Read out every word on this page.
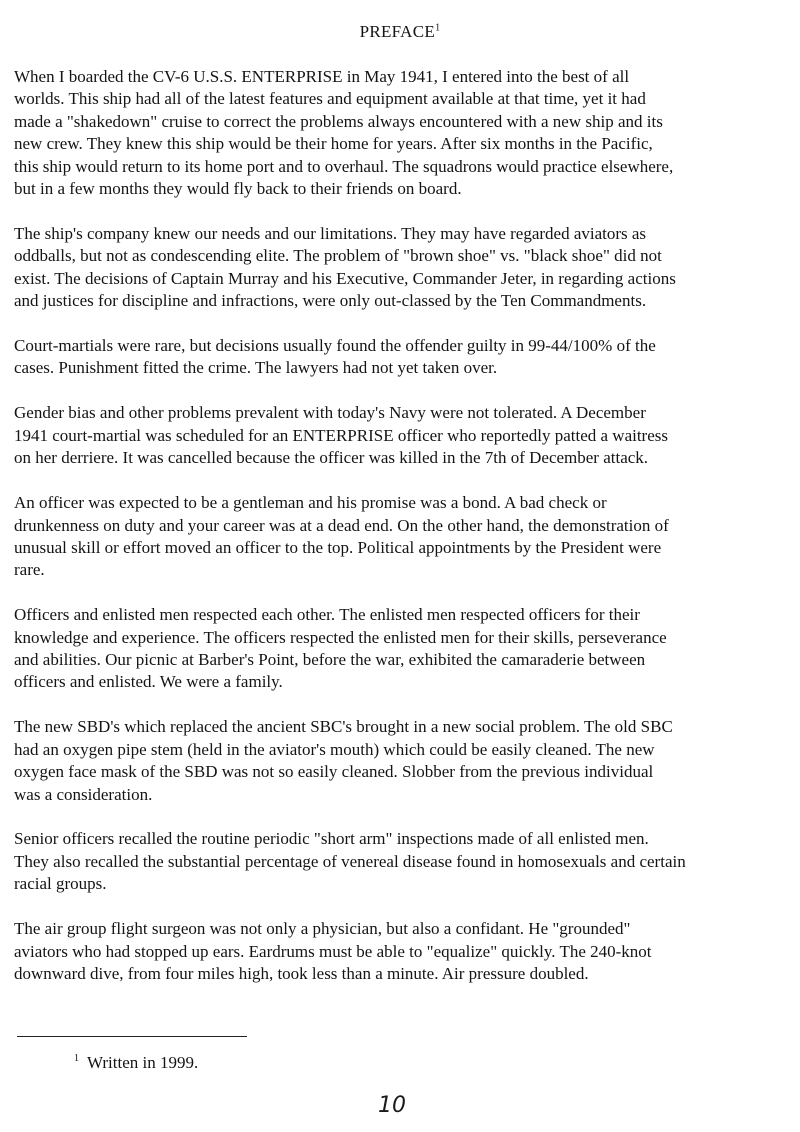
PREFACE$^1$

When I boarded the CV-6 U.S.S. ENTERPRISE in May 1941, I entered into the best of all
worlds. This ship had all of the latest features and equipment available at that time, yet it had
made a "shakedown" cruise to correct the problems always encountered with a new ship and its
new crew. They knew this ship would be their home for years. After six months in the Pacific,
this ship would return to its home port and to overhaul. The squadrons would practice elsewhere,
but in a few months they would fly back to their friends on board.

The ship's company knew our needs and our limitations. They may have regarded aviators as
oddballs, but not as condescending elite. The problem of "brown shoe" vs. "black shoe" did not
exist. The decisions of Captain Murray and his Executive, Commander Jeter, in regarding actions
and justices for discipline and infractions, were only out-classed by the Ten Commandments.

Court-martials were rare, but decisions usually found the offender guilty in 99-44/100% of the
cases. Punishment fitted the crime. The lawyers had not yet taken over.

Gender bias and other problems prevalent with today's Navy were not tolerated. A December
1941 court-martial was scheduled for an ENTERPRISE officer who reportedly patted a waitress
on her derriere. It was cancelled because the officer was killed in the 7th of December attack.

An officer was expected to be a gentleman and his promise was a bond. A bad check or
drunkenness on duty and your career was at a dead end. On the other hand, the demonstration of
unusual skill or effort moved an officer to the top. Political appointments by the President were
rare.

Officers and enlisted men respected each other. The enlisted men respected officers for their
knowledge and experience. The officers respected the enlisted men for their skills, perseverance
and abilities. Our picnic at Barber's Point, before the war, exhibited the camaraderie between
officers and enlisted. We were a family.

The new SBD's which replaced the ancient SBC's brought in a new social problem. The old SBC
had an oxygen pipe stem (held in the aviator's mouth) which could be easily cleaned. The new
oxygen face mask of the SBD was not so easily cleaned. Slobber from the previous individual
was a consideration.

Senior officers recalled the routine periodic "short arm" inspections made of all enlisted men.
They also recalled the substantial percentage of venereal disease found in homosexuals and certain
racial groups.

The air group flight surgeon was not only a physician, but also a confidant. He "grounded"
aviators who had stopped up ears. Eardrums must be able to "equalize" quickly. The 240-knot
downward dive, from four miles high, took less than a minute. Air pressure doubled.

$^1$ Written in 1999.
10
